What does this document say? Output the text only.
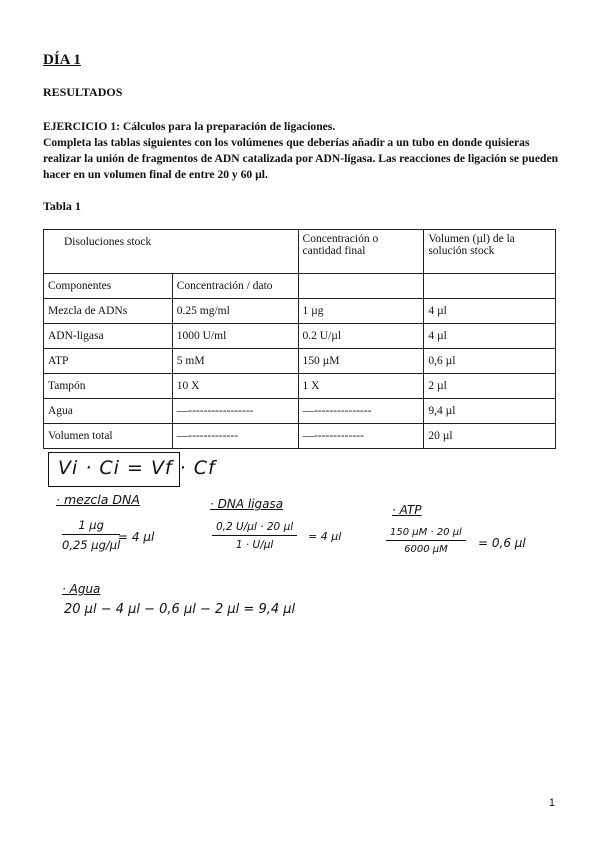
DÍA 1
RESULTADOS
EJERCICIO 1: Cálculos para la preparación de ligaciones.
Completa las tablas siguientes con los volúmenes que deberías añadir a un tubo en donde quisieras realizar la unión de fragmentos de ADN catalizada por ADN-ligasa. Las reacciones de ligación se pueden hacer en un volumen final de entre 20 y 60 µl.
Tabla 1
Disoluciones stock		Concentración o cantidad final	Volumen (µl) de la solución stock
Componentes	Concentración / dato		
Mezcla de ADNs	0.25 mg/ml	1 µg	4 µl
ADN-ligasa	1000 U/ml	0.2 U/µl	4 µl
ATP	5 mM	150 µM	0,6 µl
Tampón	10 X	1 X	2 µl
Agua	—-----------------	—---------------	9,4 µl
Volumen total	—-------------	—-------------	20 µl
Vi · Ci = Vf · Cf
· mezcla DNA
1 µg
0,25 µg/µl
= 4 µl
· DNA ligasa
0,2 U/µl · 20 µl
1 · U/µl
= 4 µl
· ATP
150 µM · 20 µl
6000 µM	= 0,6 µl
· Agua
20 µl − 4 µl − 0,6 µl − 2 µl = 9,4 µl
1
